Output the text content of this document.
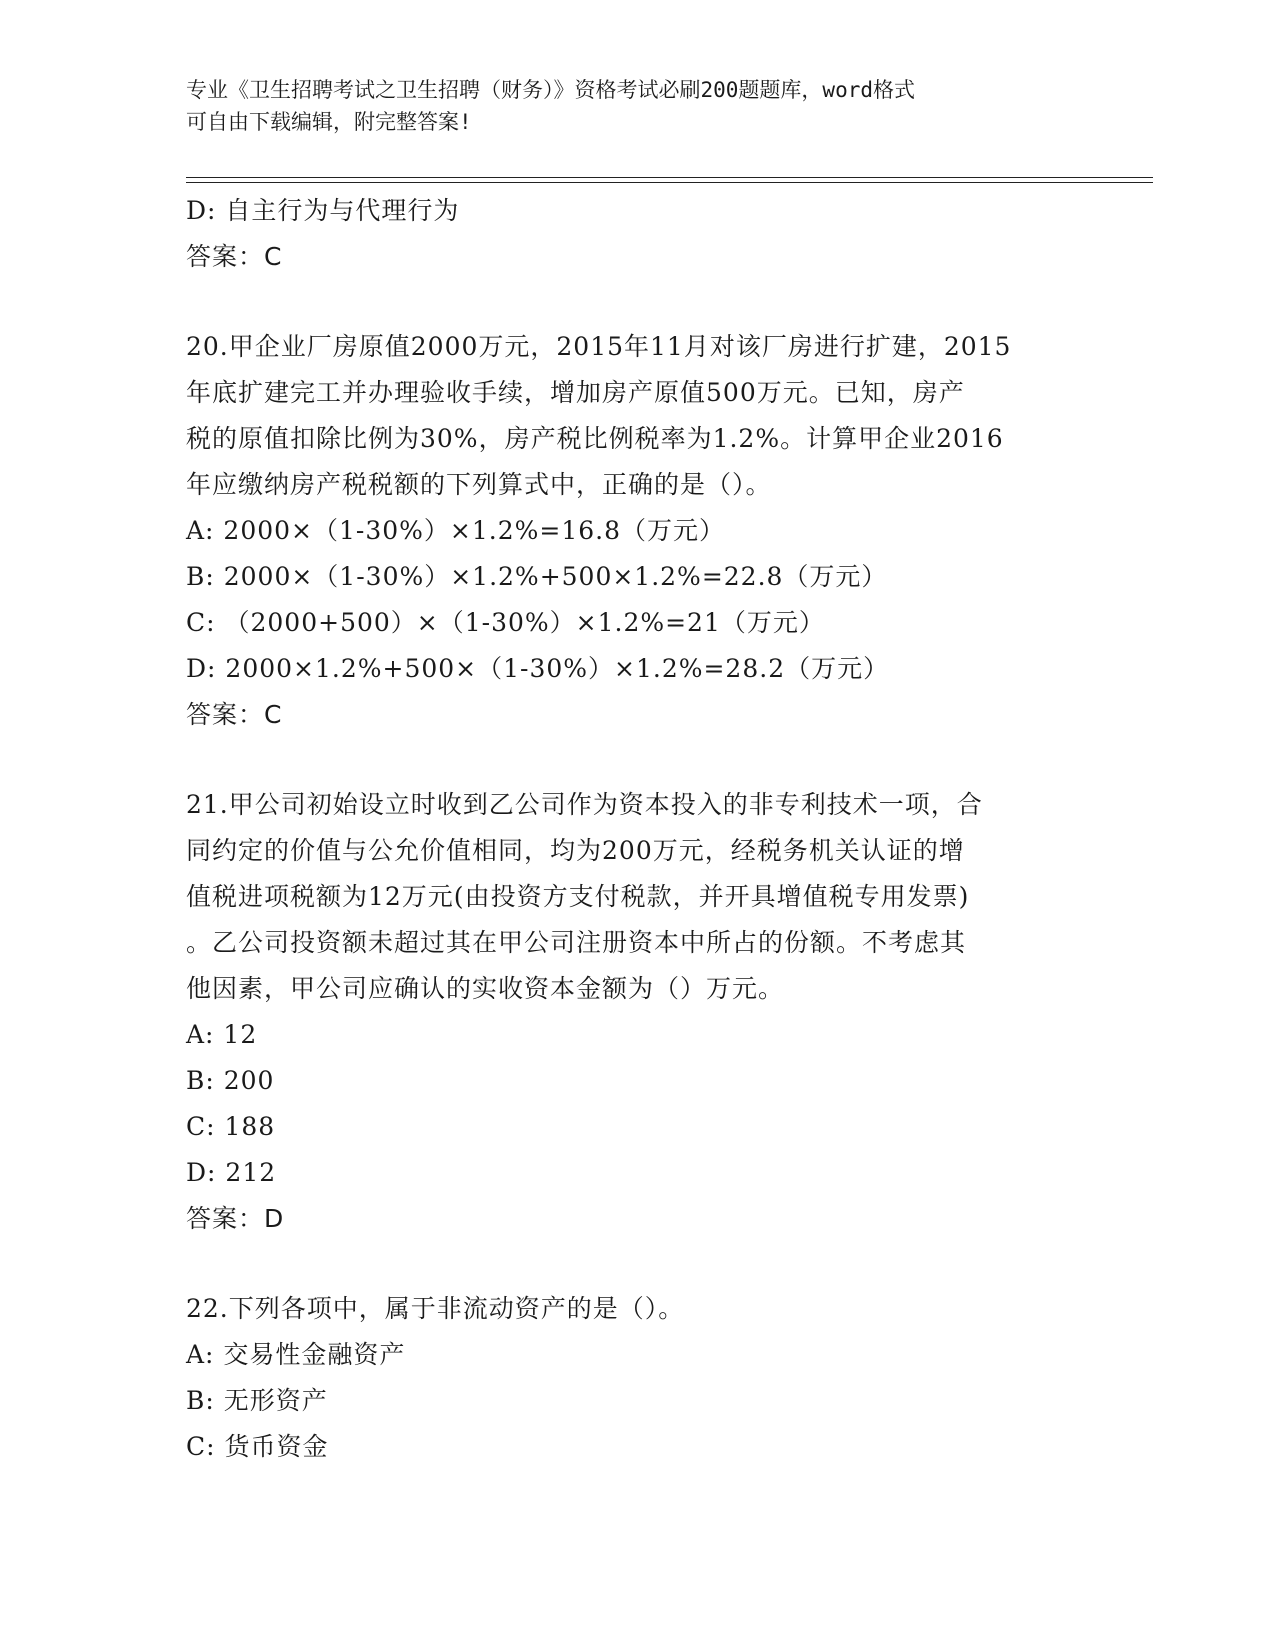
专业《卫生招聘考试之卫生招聘（财务）》资格考试必刷200题题库，word格式
可自由下载编辑，附完整答案!
D: 自主行为与代理行为
答案：C
20.甲企业厂房原值2000万元，2015年11月对该厂房进行扩建，2015
年底扩建完工并办理验收手续，增加房产原值500万元。已知，房产
税的原值扣除比例为30%，房产税比例税率为1.2%。计算甲企业2016
年应缴纳房产税税额的下列算式中，正确的是（）。
A: 2000×（1-30%）×1.2%=16.8（万元）
B: 2000×（1-30%）×1.2%+500×1.2%=22.8（万元）
C: （2000+500）×（1-30%）×1.2%=21（万元）
D: 2000×1.2%+500×（1-30%）×1.2%=28.2（万元）
答案：C
21.甲公司初始设立时收到乙公司作为资本投入的非专利技术一项，合
同约定的价值与公允价值相同，均为200万元，经税务机关认证的增
值税进项税额为12万元(由投资方支付税款，并开具增值税专用发票)
。乙公司投资额未超过其在甲公司注册资本中所占的份额。不考虑其
他因素，甲公司应确认的实收资本金额为（）万元。
A: 12
B: 200
C: 188
D: 212
答案：D
22.下列各项中，属于非流动资产的是（）。
A: 交易性金融资产
B: 无形资产
C: 货币资金
